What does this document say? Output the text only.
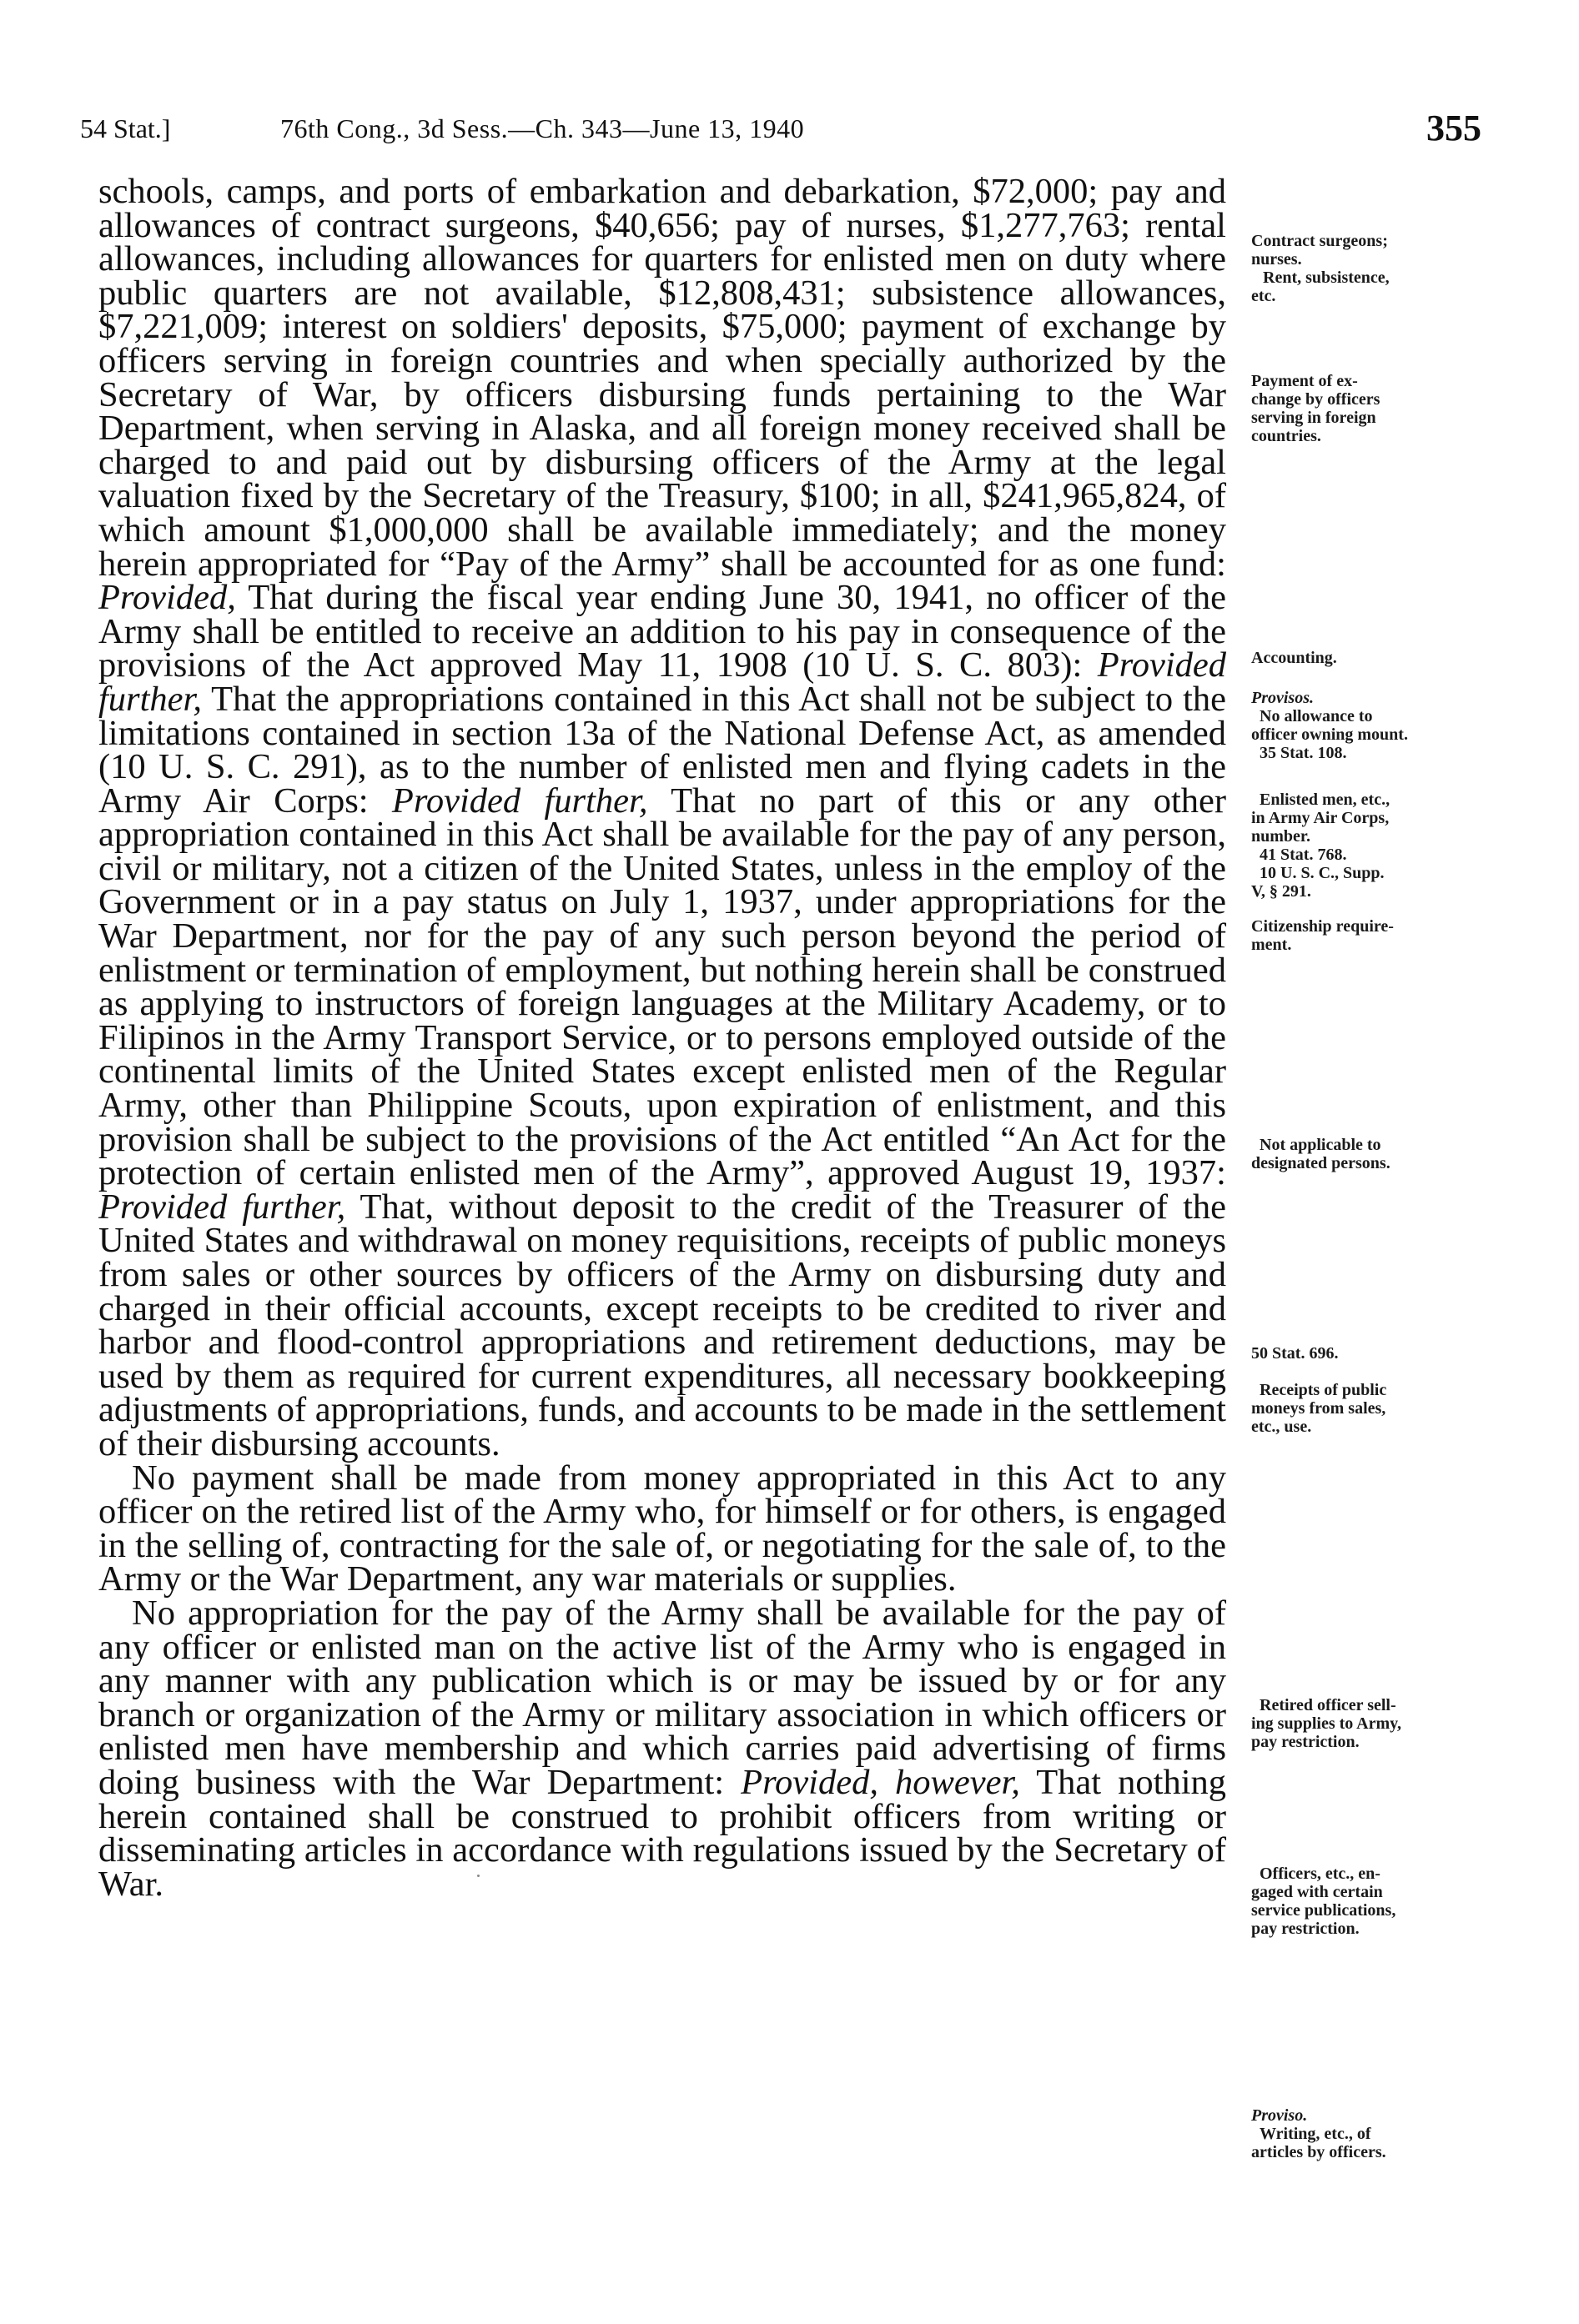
54 Stat.]	76th Cong., 3d Sess.—Ch. 343—June 13, 1940	355

schools, camps, and ports of embarkation and debarkation, $72,000; pay and allowances of contract surgeons, $40,656; pay of nurses, $1,277,763; rental allowances, including allowances for quarters for enlisted men on duty where public quarters are not available, $12,808,431; subsistence allowances, $7,221,009; interest on soldiers' deposits, $75,000; payment of exchange by officers serving in foreign countries and when specially authorized by the Secretary of War, by officers disbursing funds pertaining to the War Department, when serving in Alaska, and all foreign money received shall be charged to and paid out by disbursing officers of the Army at the legal valuation fixed by the Secretary of the Treasury, $100; in all, $241,965,824, of which amount $1,000,000 shall be available immediately; and the money herein appropriated for “Pay of the Army” shall be accounted for as one fund: Provided, That during the fiscal year ending June 30, 1941, no officer of the Army shall be entitled to receive an addition to his pay in consequence of the provisions of the Act approved May 11, 1908 (10 U. S. C. 803): Provided further, That the appropriations contained in this Act shall not be subject to the limitations contained in section 13a of the National Defense Act, as amended (10 U. S. C. 291), as to the number of enlisted men and flying cadets in the Army Air Corps: Provided further, That no part of this or any other appropriation contained in this Act shall be available for the pay of any person, civil or military, not a citizen of the United States, unless in the employ of the Government or in a pay status on July 1, 1937, under appropriations for the War Department, nor for the pay of any such person beyond the period of enlistment or termination of employment, but nothing herein shall be construed as applying to instructors of foreign languages at the Military Academy, or to Filipinos in the Army Transport Service, or to persons employed outside of the continental limits of the United States except enlisted men of the Regular Army, other than Philippine Scouts, upon expiration of enlistment, and this provision shall be subject to the provisions of the Act entitled “An Act for the protection of certain enlisted men of the Army”, approved August 19, 1937: Provided further, That, without deposit to the credit of the Treasurer of the United States and withdrawal on money requisitions, receipts of public moneys from sales or other sources by officers of the Army on disbursing duty and charged in their official accounts, except receipts to be credited to river and harbor and flood-control appropriations and retirement deductions, may be used by them as required for current expenditures, all necessary bookkeeping adjustments of appropriations, funds, and accounts to be made in the settlement of their disbursing accounts.

No payment shall be made from money appropriated in this Act to any officer on the retired list of the Army who, for himself or for others, is engaged in the selling of, contracting for the sale of, or negotiating for the sale of, to the Army or the War Department, any war materials or supplies.

No appropriation for the pay of the Army shall be available for the pay of any officer or enlisted man on the active list of the Army who is engaged in any manner with any publication which is or may be issued by or for any branch or organization of the Army or military association in which officers or enlisted men have membership and which carries paid advertising of firms doing business with the War Department: Provided, however, That nothing herein contained shall be construed to prohibit officers from writing or disseminating articles in accordance with regulations issued by the Secretary of War.

Contract surgeons;
nurses.
Rent, subsistence,
etc.
Payment of ex-
change by officers
serving in foreign
countries.
Accounting.
Provisos.
No allowance to
officer owning mount.
35 Stat. 108.
Enlisted men, etc.,
in Army Air Corps,
number.
41 Stat. 768.
10 U. S. C., Supp.
V, § 291.
Citizenship require-
ment.
Not applicable to
designated persons.
50 Stat. 696.
Receipts of public
moneys from sales,
etc., use.
Retired officer sell-
ing supplies to Army,
pay restriction.
Officers, etc., en-
gaged with certain
service publications,
pay restriction.
Proviso.
Writing, etc., of
articles by officers.
